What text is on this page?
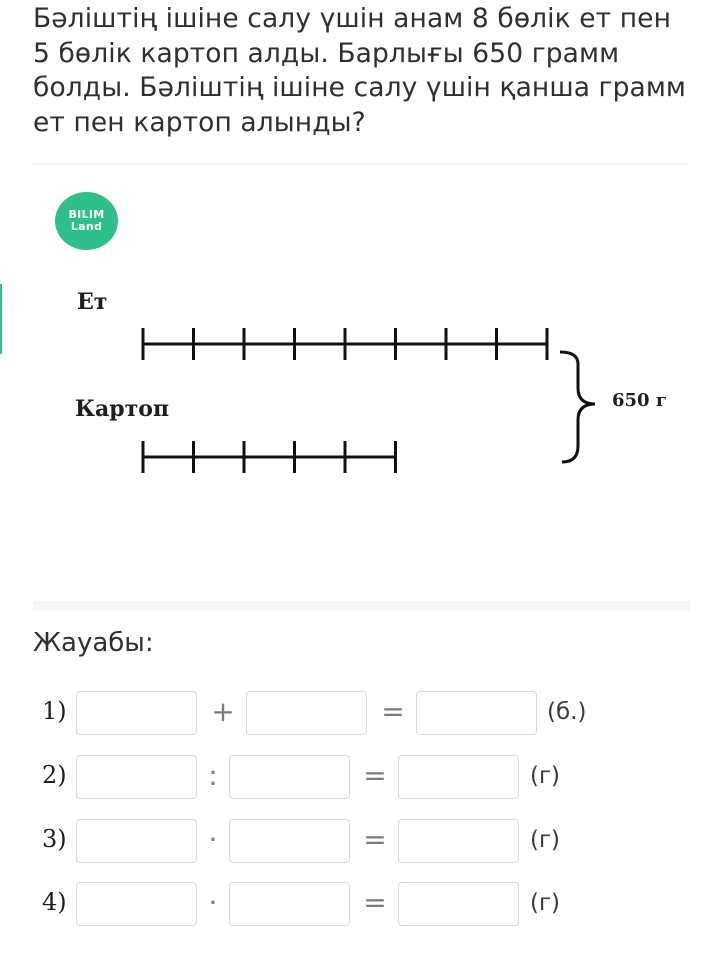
Бәліштің ішіне салу үшін анам 8 бөлік ет пен 5 бөлік картоп алды. Барлығы 650 грамм болды. Бәліштің ішіне салу үшін қанша грамм ет пен картоп алынды?

BILIM
Land
Ет
Картоп	650 г
Жауабы:
1)	+	=	(б.)
2)	:	=	(г)
3)	·	=	(г)
4)	·	=	(г)
